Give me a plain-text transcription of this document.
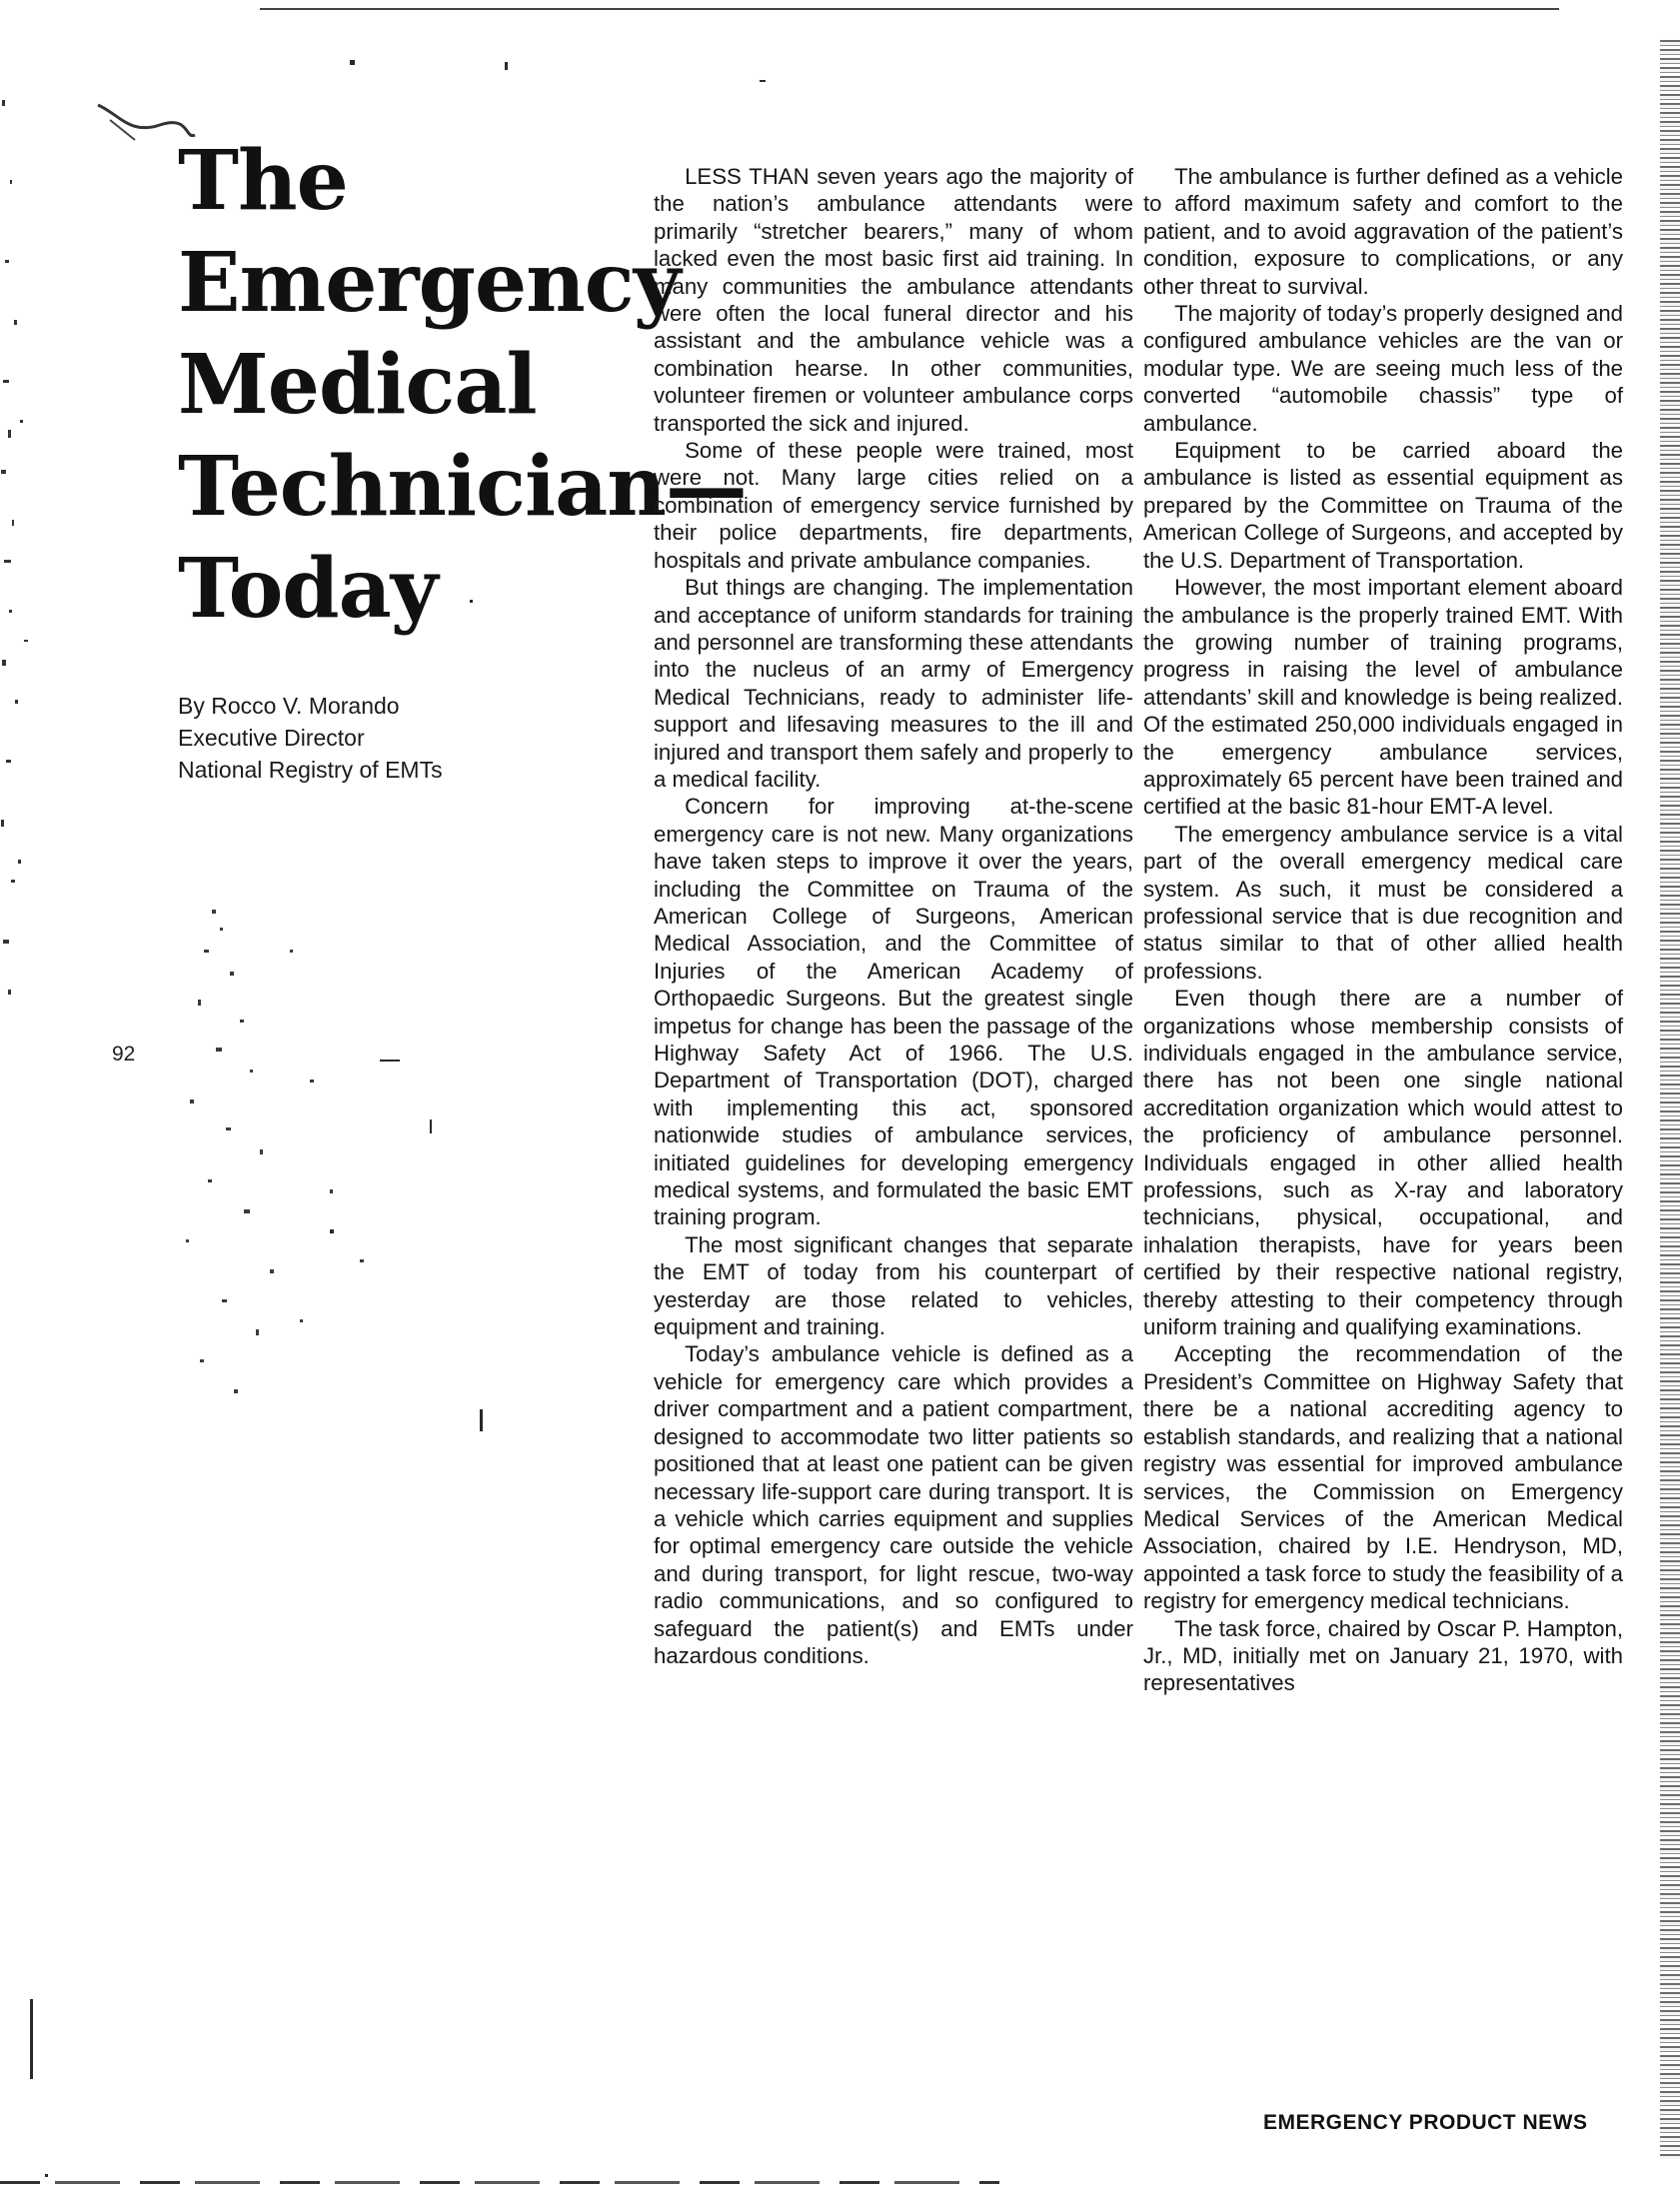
The
Emergency
Medical
Technician—
Today
By Rocco V. Morando
Executive Director
National Registry of EMTs
92

LESS THAN seven years ago the majority of the nation’s ambulance attendants were primarily “stretcher bearers,” many of whom lacked even the most basic first aid training. In many communities the ambulance attendants were often the local funeral director and his assistant and the ambulance vehicle was a combination hearse. In other communities, volunteer firemen or volunteer ambulance corps transported the sick and injured.

Some of these people were trained, most were not. Many large cities relied on a combination of emergency service furnished by their police departments, fire departments, hospitals and private ambulance companies.

But things are changing. The implementation and acceptance of uniform standards for training and personnel are transforming these attendants into the nucleus of an army of Emergency Medical Technicians, ready to administer life-support and lifesaving measures to the ill and injured and transport them safely and properly to a medical facility.

Concern for improving at-the-scene emergency care is not new. Many organizations have taken steps to improve it over the years, including the Committee on Trauma of the American College of Surgeons, American Medical Association, and the Committee of Injuries of the American Academy of Orthopaedic Surgeons. But the greatest single impetus for change has been the passage of the Highway Safety Act of 1966. The U.S. Department of Transportation (DOT), charged with implementing this act, sponsored nationwide studies of ambulance services, initiated guidelines for developing emergency medical systems, and formulated the basic EMT training program.

The most significant changes that separate the EMT of today from his counterpart of yesterday are those related to vehicles, equipment and training.

Today’s ambulance vehicle is defined as a vehicle for emergency care which provides a driver compartment and a patient compartment, designed to accommodate two litter patients so positioned that at least one patient can be given necessary life-support care during transport. It is a vehicle which carries equipment and supplies for optimal emergency care outside the vehicle and during transport, for light rescue, two-way radio communications, and so configured to safeguard the patient(s) and EMTs under hazardous conditions.

The ambulance is further defined as a vehicle to afford maximum safety and comfort to the patient, and to avoid aggravation of the patient’s condition, exposure to complications, or any other threat to survival.

The majority of today’s properly designed and configured ambulance vehicles are the van or modular type. We are seeing much less of the converted “automobile chassis” type of ambulance.

Equipment to be carried aboard the ambulance is listed as essential equipment as prepared by the Committee on Trauma of the American College of Surgeons, and accepted by the U.S. Department of Transportation.

However, the most important element aboard the ambulance is the properly trained EMT. With the growing number of training programs, progress in raising the level of ambulance attendants’ skill and knowledge is being realized. Of the estimated 250,000 individuals engaged in the emergency ambulance services, approximately 65 percent have been trained and certified at the basic 81-hour EMT-A level.

The emergency ambulance service is a vital part of the overall emergency medical care system. As such, it must be considered a professional service that is due recognition and status similar to that of other allied health professions.

Even though there are a number of organizations whose membership consists of individuals engaged in the ambulance service, there has not been one single national accreditation organization which would attest to the proficiency of ambulance personnel. Individuals engaged in other allied health professions, such as X-ray and laboratory technicians, physical, occupational, and inhalation therapists, have for years been certified by their respective national registry, thereby attesting to their competency through uniform training and qualifying examinations.

Accepting the recommendation of the President’s Committee on Highway Safety that there be a national accrediting agency to establish standards, and realizing that a national registry was essential for improved ambulance services, the Commission on Emergency Medical Services of the American Medical Association, chaired by I.E. Hendryson, MD, appointed a task force to study the feasibility of a registry for emergency medical technicians.

The task force, chaired by Oscar P. Hampton, Jr., MD, initially met on January 21, 1970, with representatives

EMERGENCY PRODUCT NEWS
